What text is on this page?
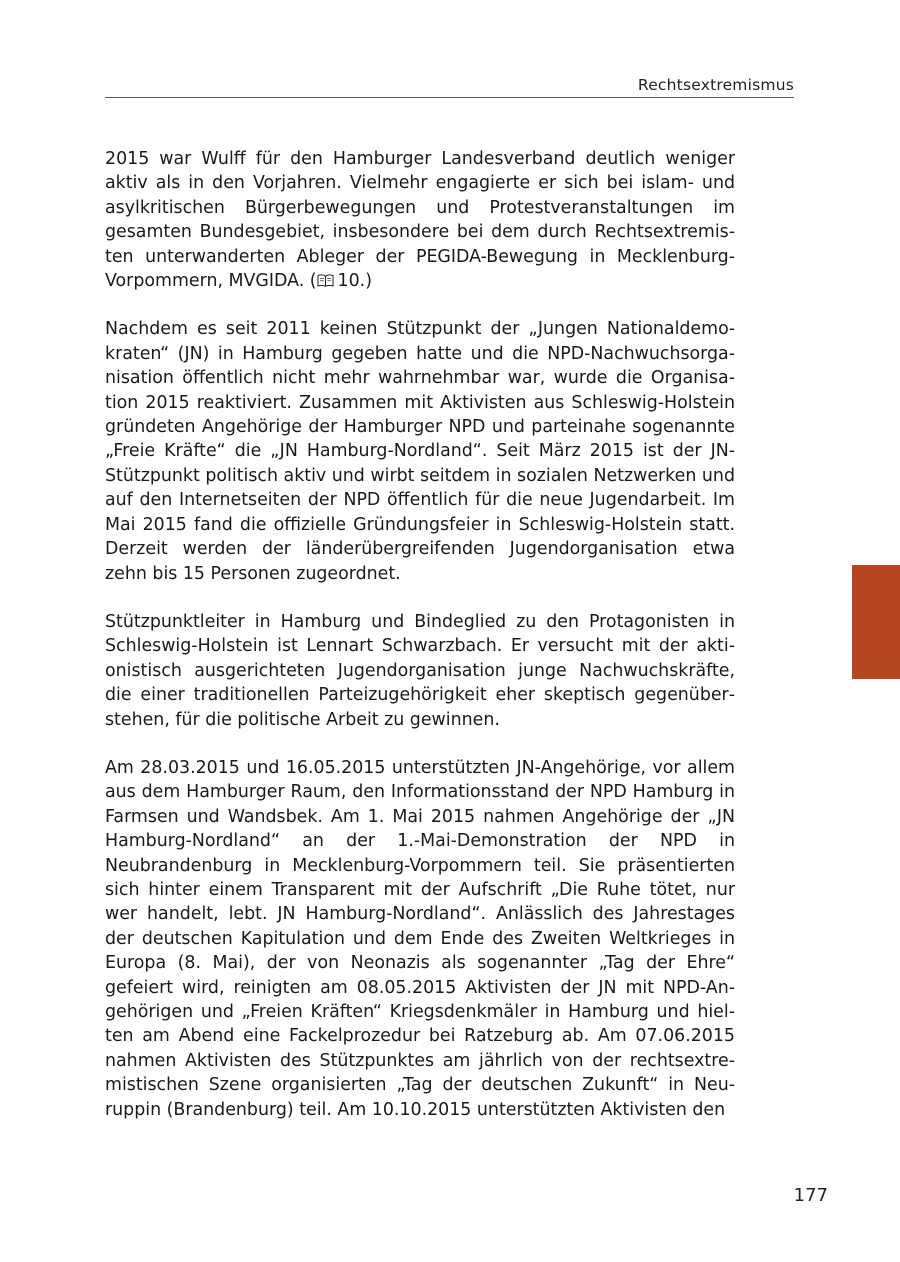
Rechtsextremismus

2015 war Wulff für den Hamburger Landesverband deutlich weniger aktiv als in den Vorjahren. Vielmehr engagierte er sich bei islam- und asylkritischen Bürgerbewegungen und Protestveranstaltungen im gesamten Bundesgebiet, insbesondere bei dem durch Rechtsextremisten unterwanderten Ableger der PEGIDA-Bewegung in Mecklenburg-Vorpommern, MVGIDA. ( 10.)

Nachdem es seit 2011 keinen Stützpunkt der „Jungen Nationaldemokraten“ (JN) in Hamburg gegeben hatte und die NPD-Nachwuchsorganisation öffentlich nicht mehr wahrnehmbar war, wurde die Organisation 2015 reaktiviert. Zusammen mit Aktivisten aus Schleswig-Holstein gründeten Angehörige der Hamburger NPD und parteinahe sogenannte „Freie Kräfte“ die „JN Hamburg-Nordland“. Seit März 2015 ist der JN-Stützpunkt politisch aktiv und wirbt seitdem in sozialen Netzwerken und auf den Internetseiten der NPD öffentlich für die neue Jugendarbeit. Im Mai 2015 fand die offizielle Gründungsfeier in Schleswig-Holstein statt. Derzeit werden der länderübergreifenden Jugendorganisation etwa zehn bis 15 Personen zugeordnet.

Stützpunktleiter in Hamburg und Bindeglied zu den Protagonisten in Schleswig-Holstein ist Lennart Schwarzbach. Er versucht mit der aktionistisch ausgerichteten Jugendorganisation junge Nachwuchskräfte, die einer traditionellen Parteizugehörigkeit eher skeptisch gegenüberstehen, für die politische Arbeit zu gewinnen.

Am 28.03.2015 und 16.05.2015 unterstützten JN-Angehörige, vor allem aus dem Hamburger Raum, den Informationsstand der NPD Hamburg in Farmsen und Wandsbek. Am 1. Mai 2015 nahmen Angehörige der „JN Hamburg-Nordland“ an der 1.-Mai-Demonstration der NPD in Neubrandenburg in Mecklenburg-Vorpommern teil. Sie präsentierten sich hinter einem Transparent mit der Aufschrift „Die Ruhe tötet, nur wer handelt, lebt. JN Hamburg-Nordland“. Anlässlich des Jahrestages der deutschen Kapitulation und dem Ende des Zweiten Weltkrieges in Europa (8. Mai), der von Neonazis als sogenannter „Tag der Ehre“ gefeiert wird, reinigten am 08.05.2015 Aktivisten der JN mit NPD-Angehörigen und „Freien Kräften“ Kriegsdenkmäler in Hamburg und hielten am Abend eine Fackelprozedur bei Ratzeburg ab. Am 07.06.2015 nahmen Aktivisten des Stützpunktes am jährlich von der rechtsextremistischen Szene organisierten „Tag der deutschen Zukunft“ in Neuruppin (Brandenburg) teil. Am 10.10.2015 unterstützten Aktivisten den

177
